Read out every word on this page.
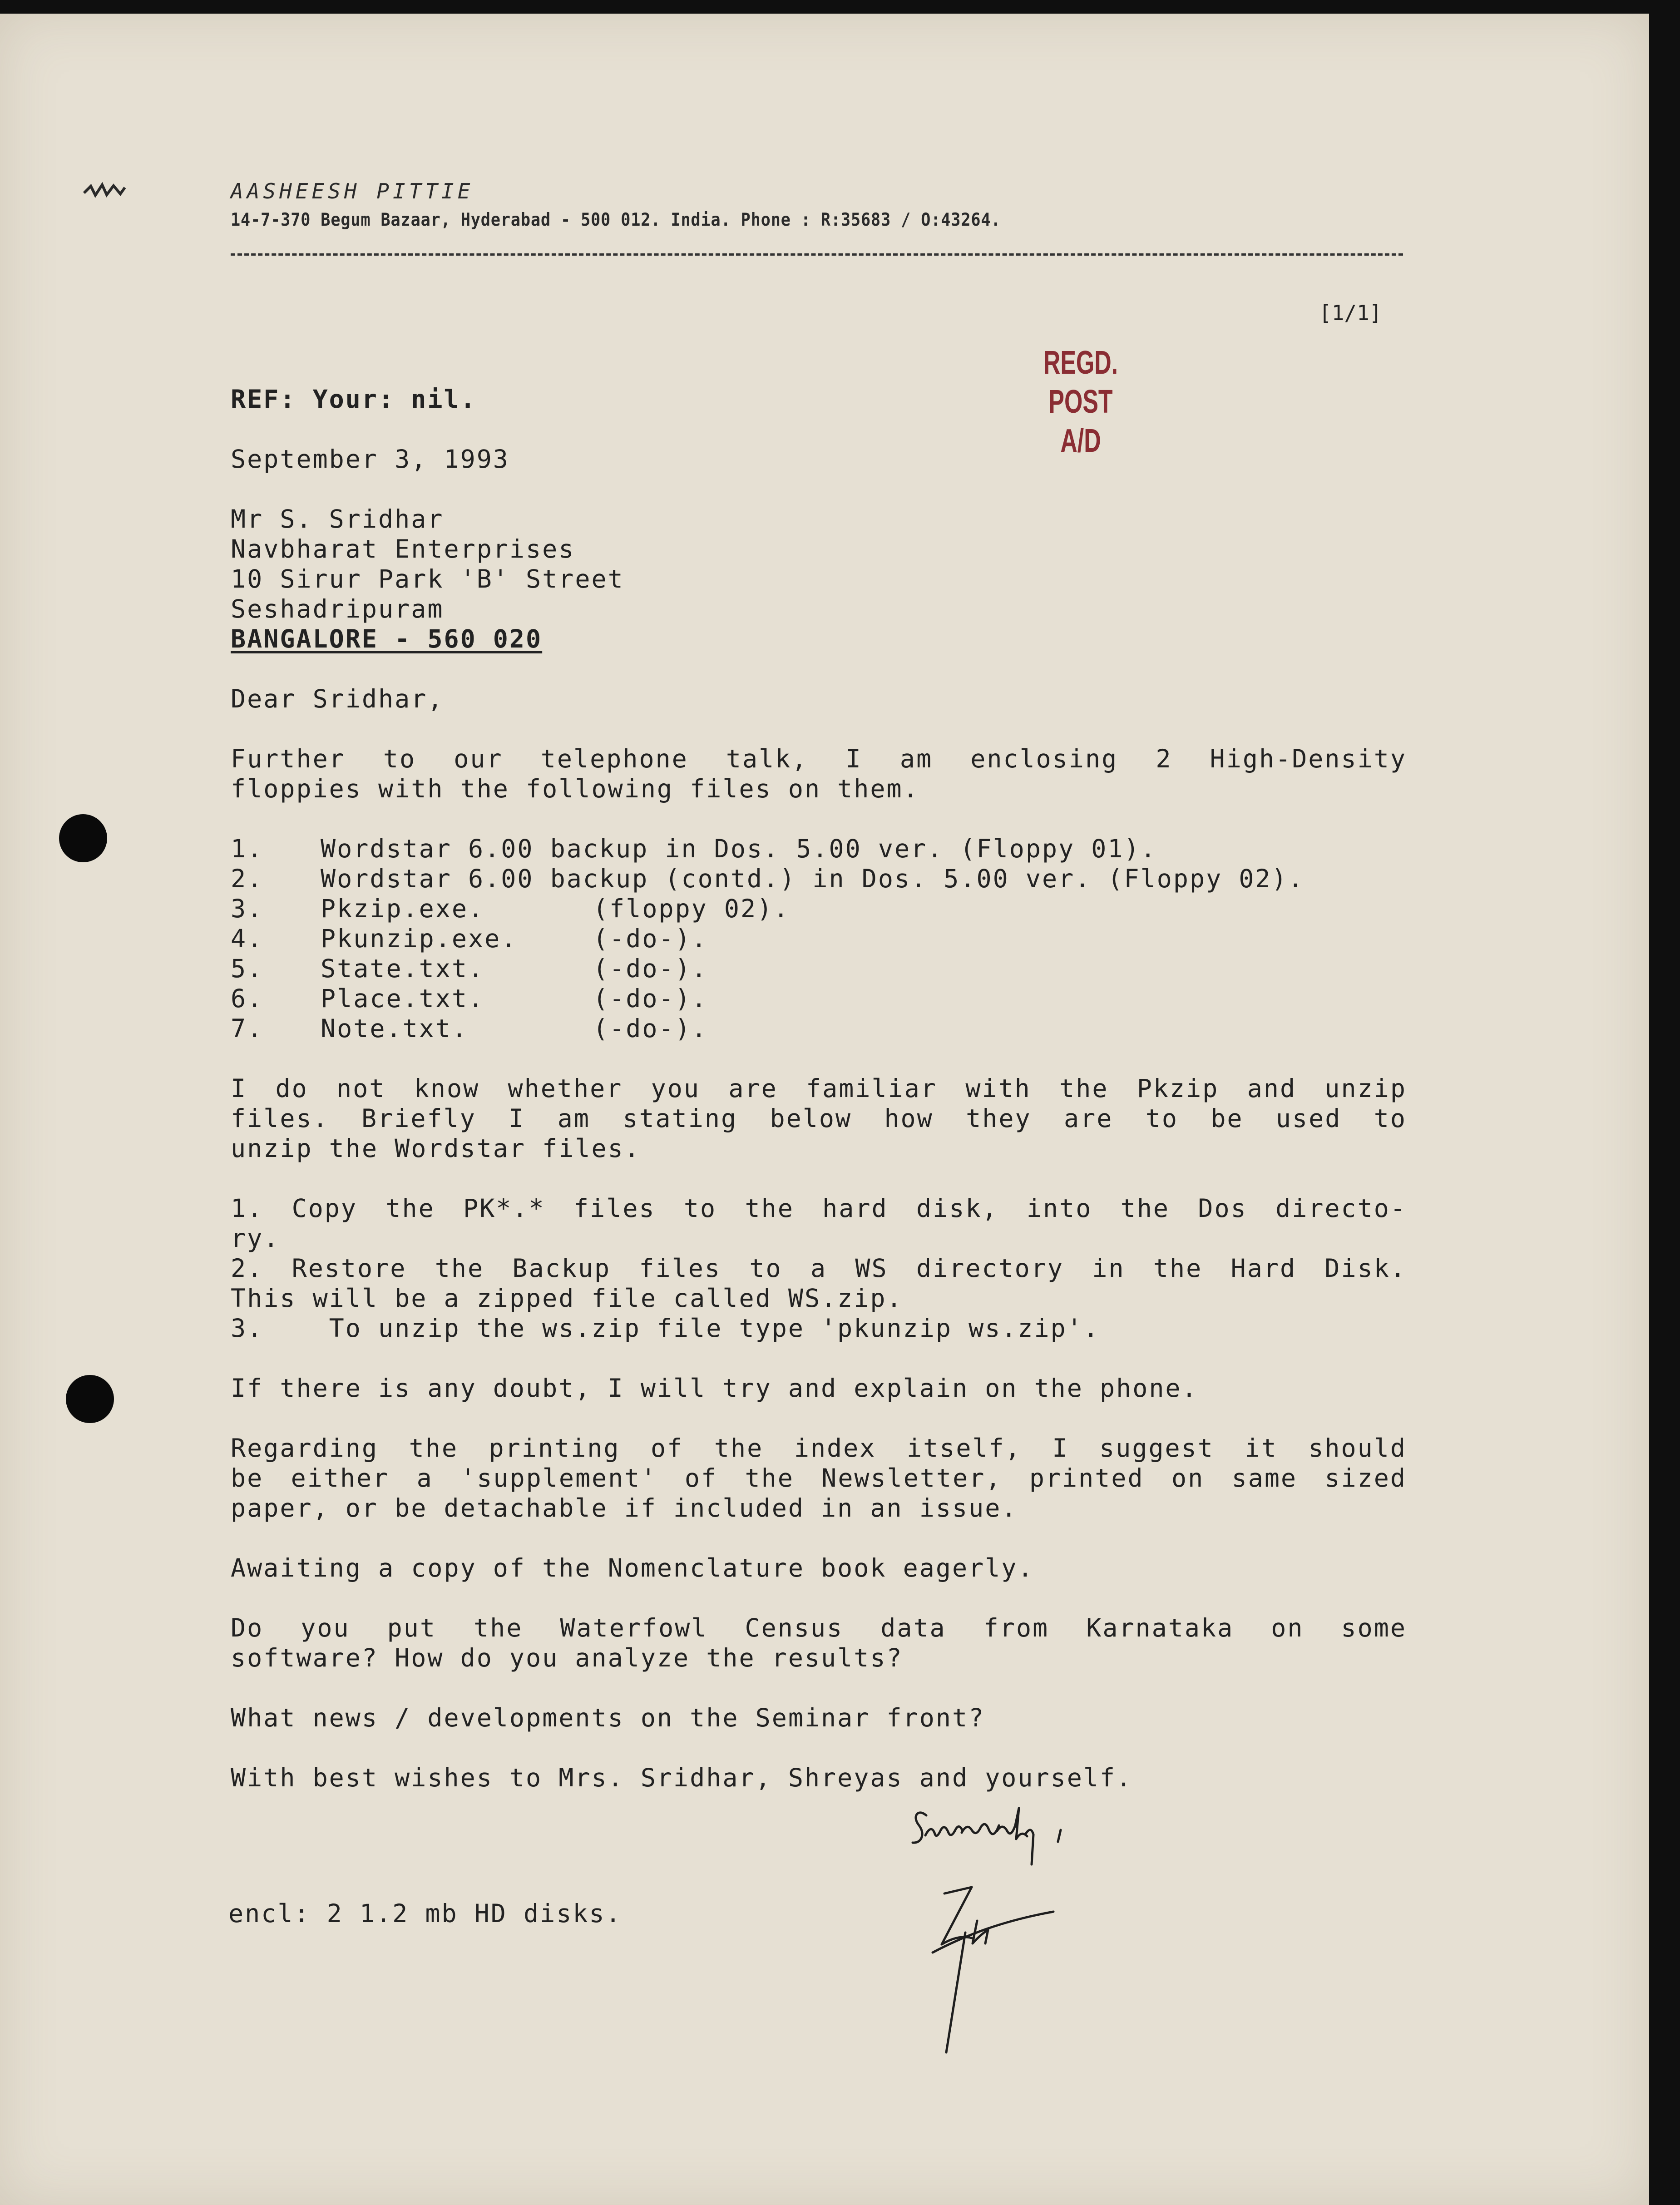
AASHEESH PITTIE
14-7-370 Begum Bazaar, Hyderabad - 500 012. India. Phone : R:35683 / O:43264.
[1/1]
REGD.
POST A/D

REF: Your: nil.

September 3, 1993

Mr S. Sridhar
Navbharat Enterprises
10 Sirur Park 'B' Street
Seshadripuram
BANGALORE - 560 020

Dear Sridhar,

Further to our telephone talk, I am enclosing 2 High-Density
floppies with the following files on them.

1.	Wordstar 6.00 backup in Dos. 5.00 ver. (Floppy 01).
2.	Wordstar 6.00 backup (contd.) in Dos. 5.00 ver. (Floppy 02).
3.	Pkzip.exe.	(floppy 02).
4.	Pkunzip.exe.	(-do-).
5.	State.txt.	(-do-).
6.	Place.txt.	(-do-).
7.	Note.txt.	(-do-).

I do not know whether you are familiar with the Pkzip and unzip
files. Briefly I am stating below how they are to be used to
unzip the Wordstar files.

1. Copy the PK*.* files to the hard disk, into the Dos directo-
ry.
2. Restore the Backup files to a WS directory in the Hard Disk.
This will be a zipped file called WS.zip.
3.    To unzip the ws.zip file type 'pkunzip ws.zip'.

If there is any doubt, I will try and explain on the phone.

Regarding the printing of the index itself, I suggest it should
be either a 'supplement' of the Newsletter, printed on same sized
paper, or be detachable if included in an issue.

Awaiting a copy of the Nomenclature book eagerly.

Do you put the Waterfowl Census data from Karnataka on some
software? How do you analyze the results?

What news / developments on the Seminar front?

With best wishes to Mrs. Sridhar, Shreyas and yourself.

encl: 2 1.2 mb HD disks.
